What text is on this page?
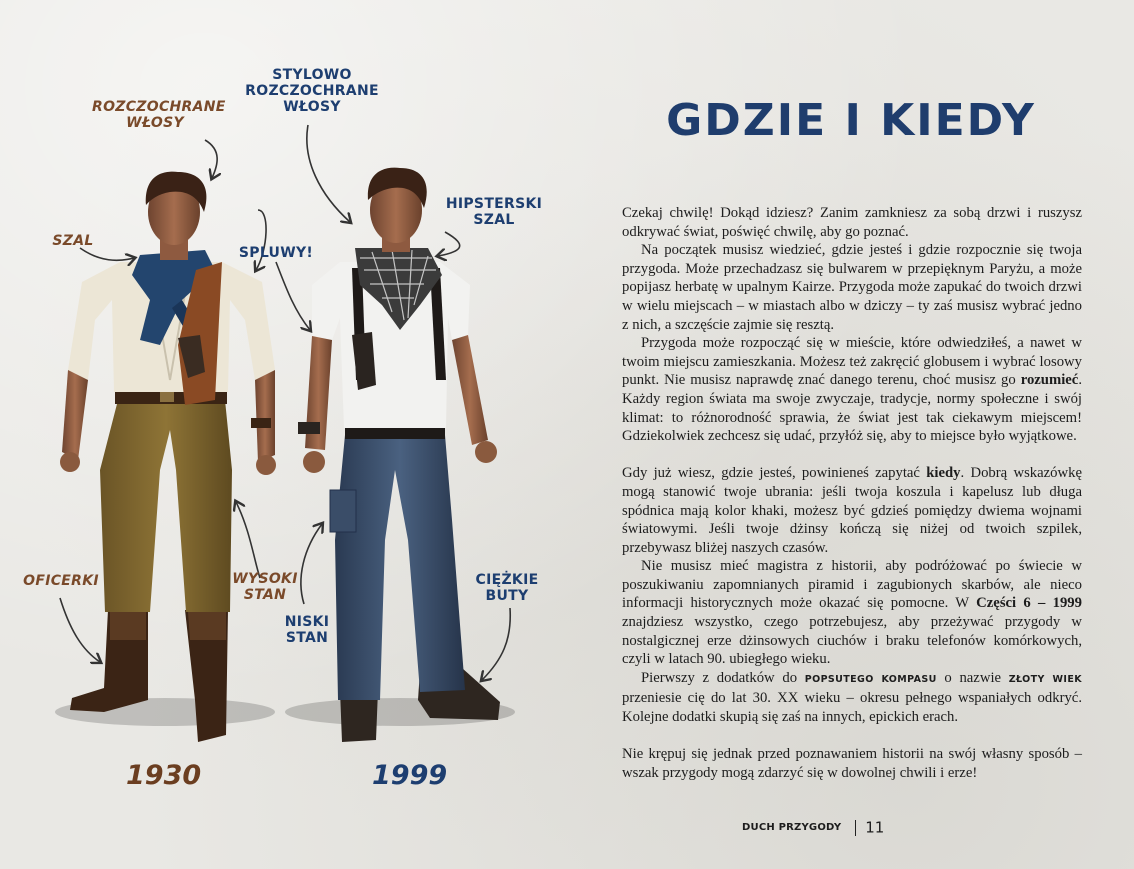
ROZCZOCHRANE
WŁOSY
STYLOWO
ROZCZOCHRANE
WŁOSY
SZAL
HIPSTERSKI
SZAL
SPLUWY!
OFICERKI	WYSOKI
STAN
NISKI
STAN
CIĘŻKIE
BUTY
1930	1999
GDZIE I KIEDY

Czekaj chwilę! Dokąd idziesz? Zanim zamkniesz za sobą drzwi i ruszysz odkrywać świat, poświęć chwilę, aby go poznać.

Na początek musisz wiedzieć, gdzie jesteś i gdzie rozpocznie się twoja przygoda. Może przechadzasz się bulwarem w przepięknym Paryżu, a może popijasz herbatę w upalnym Kairze. Przygoda może zapukać do twoich drzwi w wielu miejscach – w miastach albo w dziczy – ty zaś musisz wybrać jedno z nich, a szczęście zajmie się resztą.

Przygoda może rozpocząć się w mieście, które odwiedziłeś, a nawet w twoim miejscu zamieszkania. Możesz też zakręcić globusem i wybrać losowy punkt. Nie musisz naprawdę znać danego terenu, choć musisz go rozumieć. Każdy region świata ma swoje zwyczaje, tradycje, normy społeczne i swój klimat: to różnorodność sprawia, że świat jest tak ciekawym miejscem! Gdziekolwiek zechcesz się udać, przyłóż się, aby to miejsce było wyjątkowe.

Gdy już wiesz, gdzie jesteś, powinieneś zapytać kiedy. Dobrą wskazówkę mogą stanowić twoje ubrania: jeśli twoja koszula i kapelusz lub długa spódnica mają kolor khaki, możesz być gdzieś pomiędzy dwiema wojnami światowymi. Jeśli twoje dżinsy kończą się niżej od twoich szpilek, przebywasz bliżej naszych czasów.

Nie musisz mieć magistra z historii, aby podróżować po świecie w poszukiwaniu zapomnianych piramid i zagubionych skarbów, ale nieco informacji historycznych może okazać się pomocne. W Części 6 – 1999 znajdziesz wszystko, czego potrzebujesz, aby przeżywać przygody w nostalgicznej erze dżinsowych ciuchów i braku telefonów komórkowych, czyli w latach 90. ubiegłego wieku.

Pierwszy z dodatków do POPSUTEGO KOMPASU o nazwie ZŁOTY WIEK przeniesie cię do lat 30. XX wieku – okresu pełnego wspaniałych odkryć. Kolejne dodatki skupią się zaś na innych, epickich erach.

Nie krępuj się jednak przed poznawaniem historii na swój własny sposób – wszak przygody mogą zdarzyć się w dowolnej chwili i erze!

DUCH PRZYGODY 11
